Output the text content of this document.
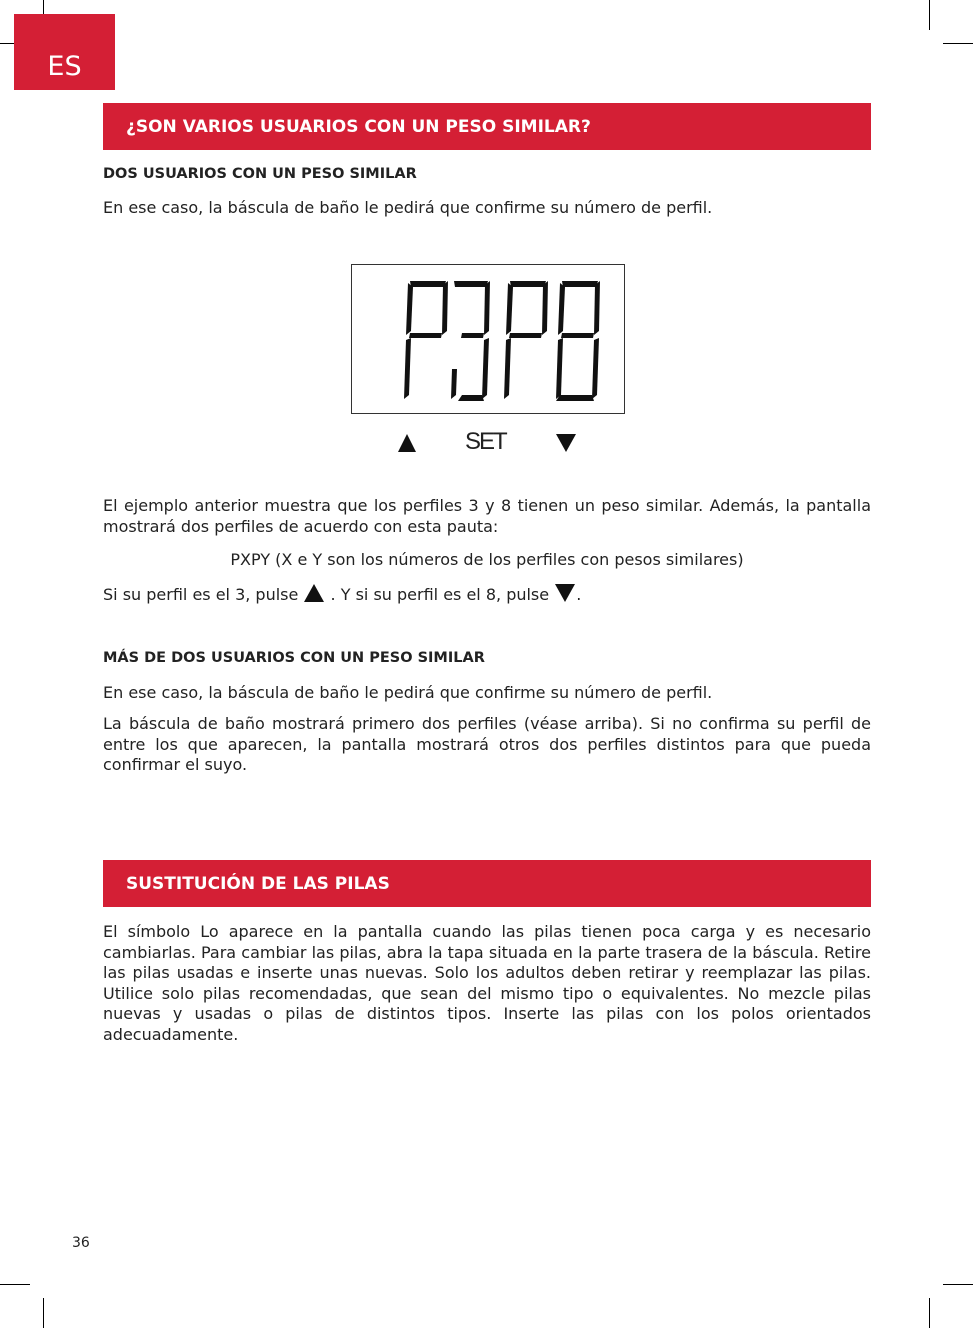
ES
¿SON VARIOS USUARIOS CON UN PESO SIMILAR?
DOS USUARIOS CON UN PESO SIMILAR
En ese caso, la báscula de baño le pedirá que confirme su número de perfil.
SET
El ejemplo anterior muestra que los perfiles 3 y 8 tienen un peso similar. Además, la pantalla mostrará dos perfiles de acuerdo con esta pauta:
PXPY (X e Y son los números de los perfiles con pesos similares)
Si su perfil es el 3, pulse . Y si su perfil es el 8, pulse .
MÁS DE DOS USUARIOS CON UN PESO SIMILAR
En ese caso, la báscula de baño le pedirá que confirme su número de perfil.
La báscula de baño mostrará primero dos perfiles (véase arriba). Si no confirma su perfil de entre los que aparecen, la pantalla mostrará otros dos perfiles distintos para que pueda confirmar el suyo.
SUSTITUCIÓN DE LAS PILAS
El símbolo Lo aparece en la pantalla cuando las pilas tienen poca carga y es necesario cambiarlas. Para cambiar las pilas, abra la tapa situada en la parte trasera de la báscula. Retire las pilas usadas e inserte unas nuevas. Solo los adultos deben retirar y reemplazar las pilas. Utilice solo pilas recomendadas, que sean del mismo tipo o equivalentes. No mezcle pilas nuevas y usadas o pilas de distintos tipos. Inserte las pilas con los polos orientados adecuadamente.
36
